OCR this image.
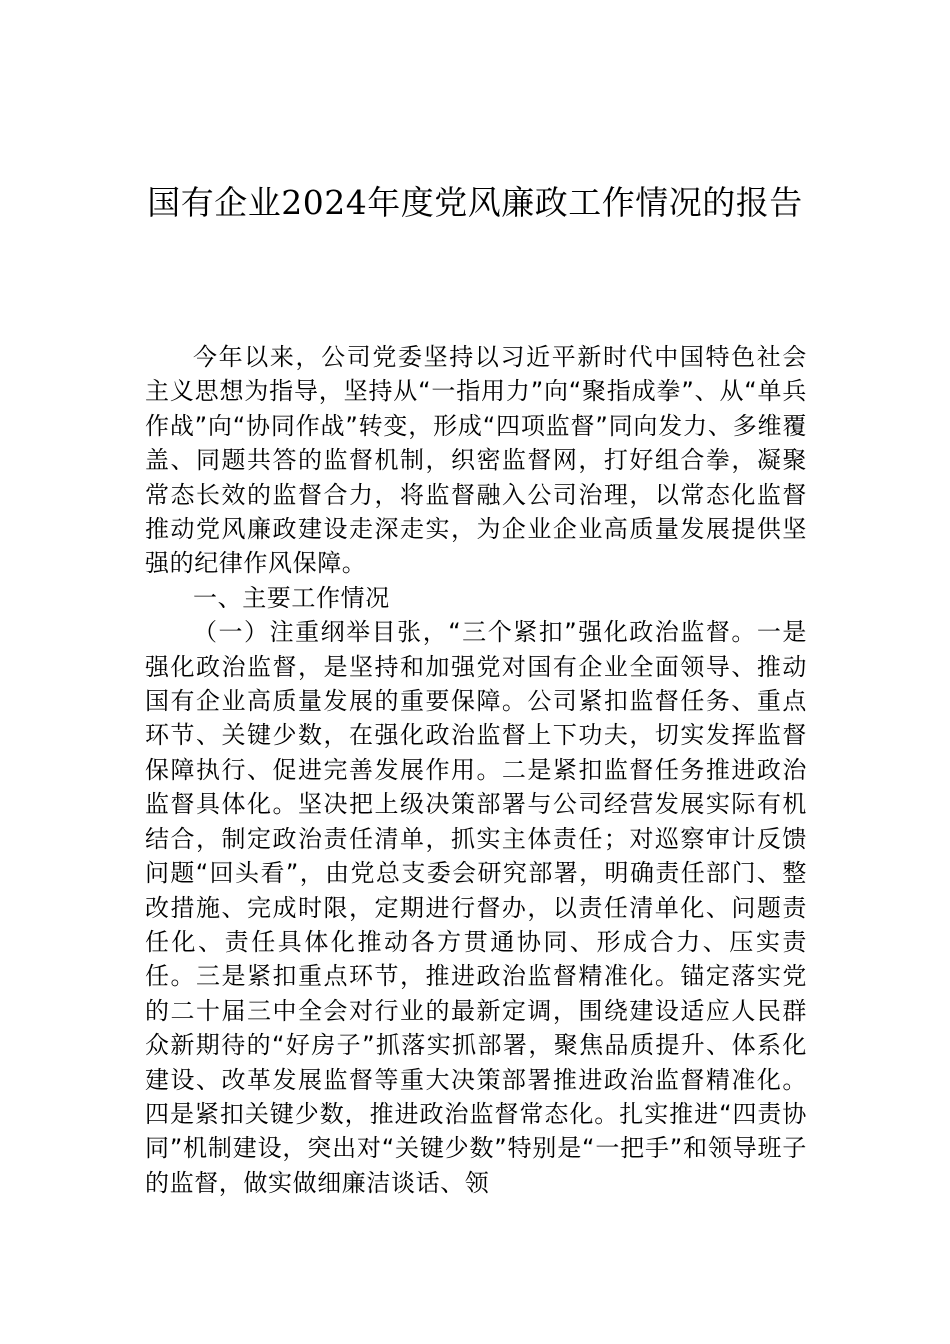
国有企业2024年度党风廉政工作情况的报告

今年以来，公司党委坚持以习近平新时代中国特色社会主义思想为指导，坚持从“一指用力”向“聚指成拳”、从“单兵作战”向“协同作战”转变，形成“四项监督”同向发力、多维覆盖、同题共答的监督机制，织密监督网，打好组合拳，凝聚常态长效的监督合力，将监督融入公司治理，以常态化监督推动党风廉政建设走深走实，为企业企业高质量发展提供坚强的纪律作风保障。

一、主要工作情况

（一）注重纲举目张，“三个紧扣”强化政治监督。一是强化政治监督，是坚持和加强党对国有企业全面领导、推动国有企业高质量发展的重要保障。公司紧扣监督任务、重点环节、关键少数，在强化政治监督上下功夫，切实发挥监督保障执行、促进完善发展作用。二是紧扣监督任务推进政治监督具体化。坚决把上级决策部署与公司经营发展实际有机结合，制定政治责任清单，抓实主体责任；对巡察审计反馈问题“回头看”，由党总支委会研究部署，明确责任部门、整改措施、完成时限，定期进行督办，以责任清单化、问题责任化、责任具体化推动各方贯通协同、形成合力、压实责任。三是紧扣重点环节，推进政治监督精准化。锚定落实党的二十届三中全会对行业的最新定调，围绕建设适应人民群众新期待的“好房子”抓落实抓部署，聚焦品质提升、体系化建设、改革发展监督等重大决策部署推进政治监督精准化。四是紧扣关键少数，推进政治监督常态化。扎实推进“四责协同”机制建设，突出对“关键少数”特别是“一把手”和领导班子的监督，做实做细廉洁谈话、领
